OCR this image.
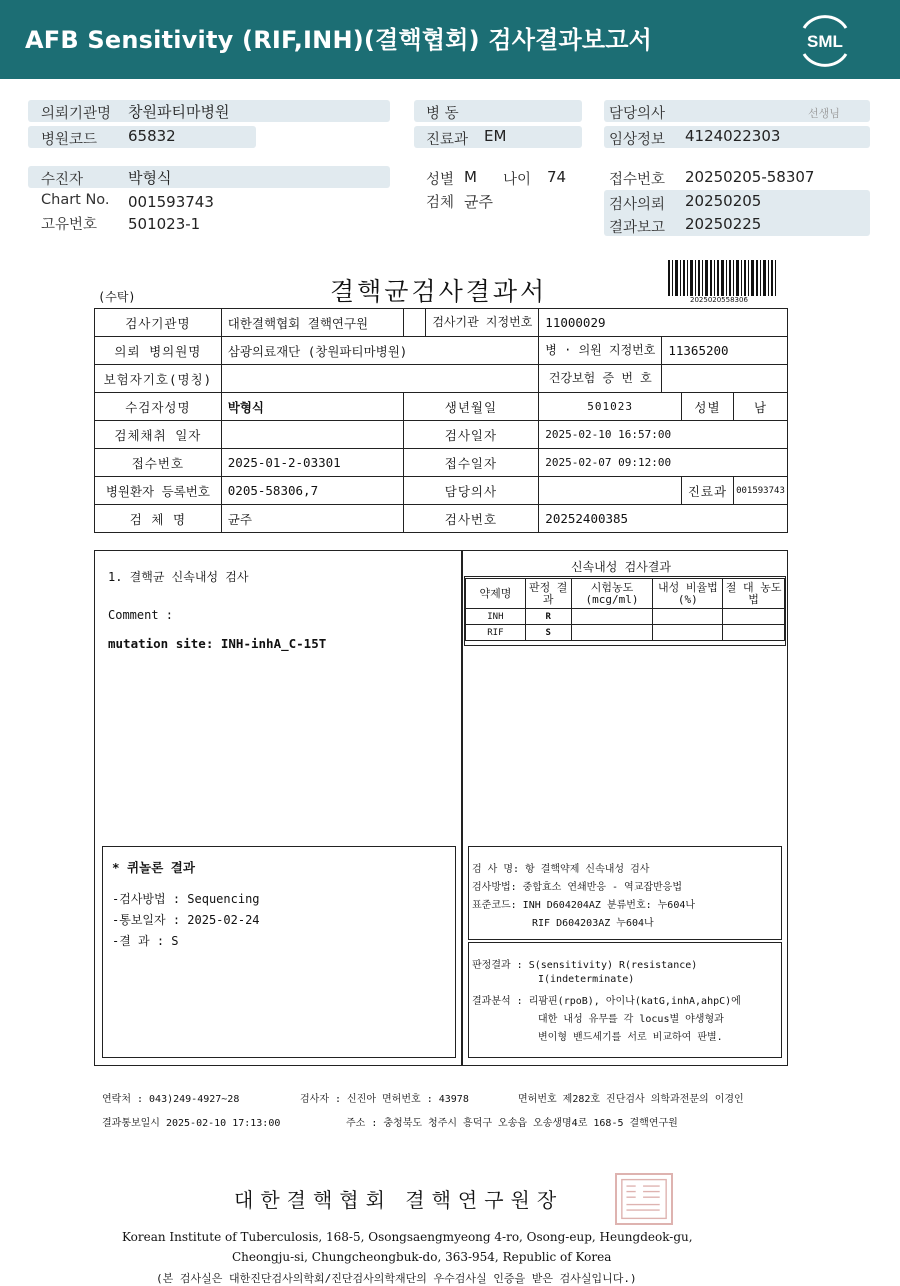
AFB Sensitivity (RIF,INH)(결핵협회) 검사결과보고서	SML
의뢰기관명 창원파티마병원
병원코드 65832
병 동
진료과 EM
담당의사	선생님
임상정보 4124022303
수진자	박형식
Chart No. 001593743
고유번호 501023-1
성별 M 나이 74
검체 균주
접수번호 20250205-58307
검사의뢰 20250205
결과보고 20250225
(수탁)	결핵균검사결과서	2025020558306
검사기관명	대한결핵협회 결핵연구원		검사기관 지정번호	11000029			
의뢰 병의원명	삼광의료재단 (창원파티마병원)			병 · 의원 지정번호	11365200		
보험자기호(명칭)				건강보험 증 번 호			
수검자성명	박형식	생년월일		501023		성별	남
검체채취 일자		검사일자		2025-02-10 16:57:00			
접수번호	2025-01-2-03301	접수일자		2025-02-07 09:12:00			
병원환자 등록번호	0205-58306,7	담당의사				진료과	001593743
검 체 명	균주	검사번호		20252400385			
1. 결핵균 신속내성 검사
Comment :
mutation site: INH-inhA_C-15T
신속내성 검사결과
약제명	판정 결과	시험농도 (mcg/ml)	내성 비율법(%)	절 대 농도법
INH	R			
RIF	S			
* 퀴놀론 결과
-검사방법 : Sequencing
-통보일자 : 2025-02-24
-결 과 : S
검 사 명: 항 결핵약제 신속내성 검사
검사방법: 중합효소 연쇄반응 - 역교잡반응법
표준코드: INH D604204AZ 분류번호: 누604나
RIF D604203AZ 누604나
판정결과 : S(sensitivity) R(resistance)
I(indeterminate)
결과분석 : 리팜핀(rpoB), 아이나(katG,inhA,ahpC)에
대한 내성 유무를 각 locus별 야생형과
변이형 밴드세기를 서로 비교하여 판별.
연락처 : 043)249-4927~28	검사자 : 신진아 면허번호 : 43978	면허번호 제282호 진단검사 의학과전문의 이경인
결과통보일시 2025-02-10 17:13:00	주소 : 충청북도 청주시 흥덕구 오송읍 오송생명4로 168-5 결핵연구원
대한결핵협회 결핵연구원장
Korean Institute of Tuberculosis, 168-5, Osongsaengmyeong 4-ro, Osong-eup, Heungdeok-gu,
Cheongju-si, Chungcheongbuk-do, 363-954, Republic of Korea
(본 검사실은 대한진단검사의학회/진단검사의학재단의 우수검사실 인증을 받은 검사실입니다.)
